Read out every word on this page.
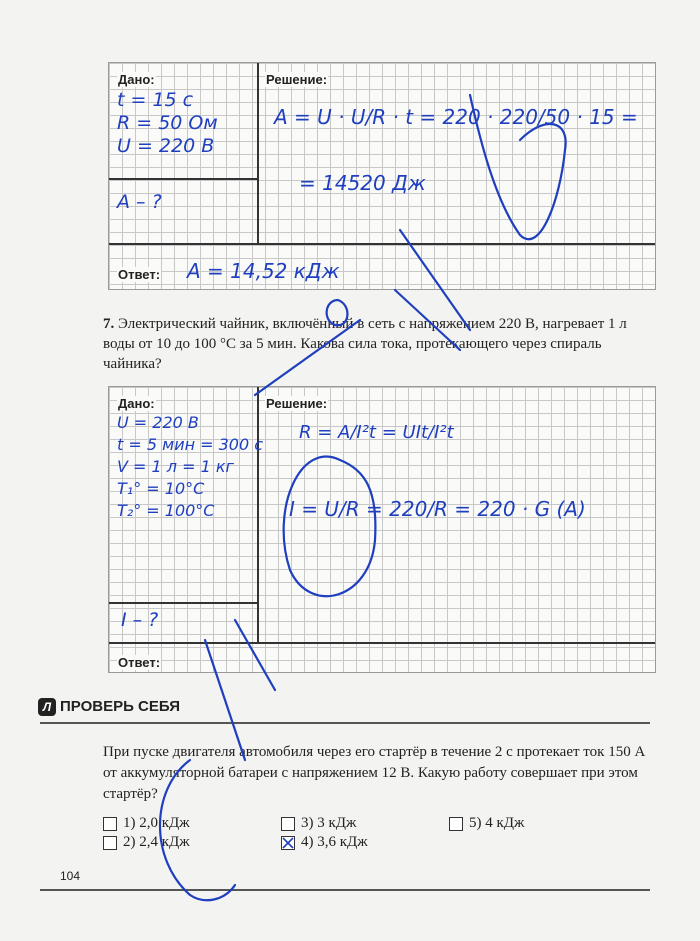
Дано:	Решение:
Ответ:
t = 15 c
R = 50 Ом
U = 220 В
A – ?
A = U · U/R · t = 220 · 220/50 · 15 =
= 14520 Дж
A = 14,52 кДж
7. Электрический чайник, включённый в сеть с напряжением 220 В, нагревает 1 л воды от 10 до 100 °С за 5 мин. Какова сила тока, протекающего через спираль чайника?
Дано:	Решение:
Ответ:
U = 220 В
t = 5 мин = 300 с
V = 1 л = 1 кг
T₁° = 10°C
T₂° = 100°C
I – ?
R = A/I²t = UIt/I²t
I = U/R = 220/R = 220 · G (A)
Л ПРОВЕРЬ СЕБЯ
При пуске двигателя автомобиля через его стартёр в течение 2 с протекает ток 150 А от аккумуляторной батареи с напряжением 12 В. Какую работу совершает при этом стартёр?
1) 2,0 кДж	3) 3 кДж	5) 4 кДж
2) 2,4 кДж	4) 3,6 кДж
104
